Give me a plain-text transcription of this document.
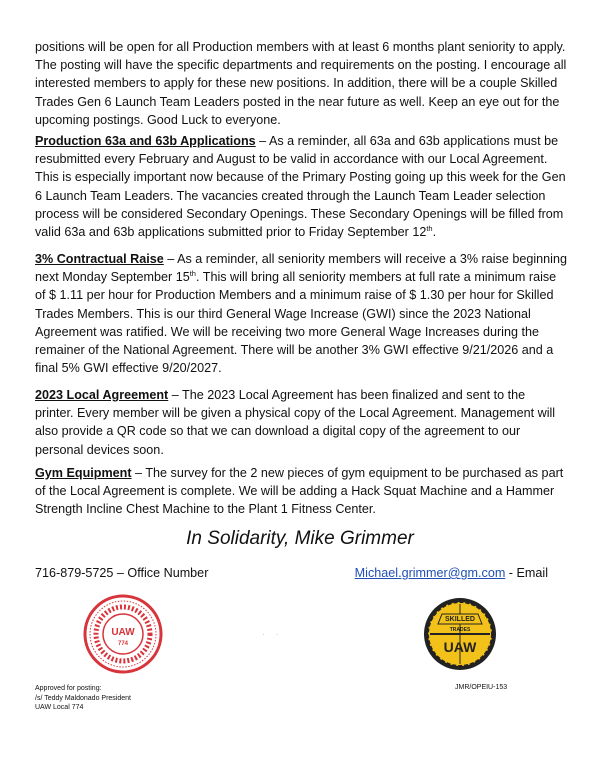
positions will be open for all Production members with at least 6 months plant seniority to apply. The posting will have the specific departments and requirements on the posting. I encourage all interested members to apply for these new positions. In addition, there will be a couple Skilled Trades Gen 6 Launch Team Leaders posted in the near future as well. Keep an eye out for the upcoming postings. Good Luck to everyone.

Production 63a and 63b Applications – As a reminder, all 63a and 63b applications must be resubmitted every February and August to be valid in accordance with our Local Agreement. This is especially important now because of the Primary Posting going up this week for the Gen 6 Launch Team Leaders. The vacancies created through the Launch Team Leader selection process will be considered Secondary Openings. These Secondary Openings will be filled from valid 63a and 63b applications submitted prior to Friday September 12th.

3% Contractual Raise – As a reminder, all seniority members will receive a 3% raise beginning next Monday September 15th. This will bring all seniority members at full rate a minimum raise of $ 1.11 per hour for Production Members and a minimum raise of $ 1.30 per hour for Skilled Trades Members. This is our third General Wage Increase (GWI) since the 2023 National Agreement was ratified. We will be receiving two more General Wage Increases during the remainer of the National Agreement. There will be another 3% GWI effective 9/21/2026 and a final 5% GWI effective 9/20/2027.

2023 Local Agreement – The 2023 Local Agreement has been finalized and sent to the printer. Every member will be given a physical copy of the Local Agreement. Management will also provide a QR code so that we can download a digital copy of the agreement to our personal devices soon.

Gym Equipment – The survey for the 2 new pieces of gym equipment to be purchased as part of the Local Agreement is complete. We will be adding a Hack Squat Machine and a Hammer Strength Incline Chest Machine to the Plant 1 Fitness Center.

In Solidarity, Mike Grimmer
716-879-5725 – Office Number	Michael.grimmer@gm.com - Email
UAW
774
·     ·
SKILLED
TRADES
UAW
Approved for posting:
/s/ Teddy Maldonado President
UAW Local 774
JMR/OPEIU-153
